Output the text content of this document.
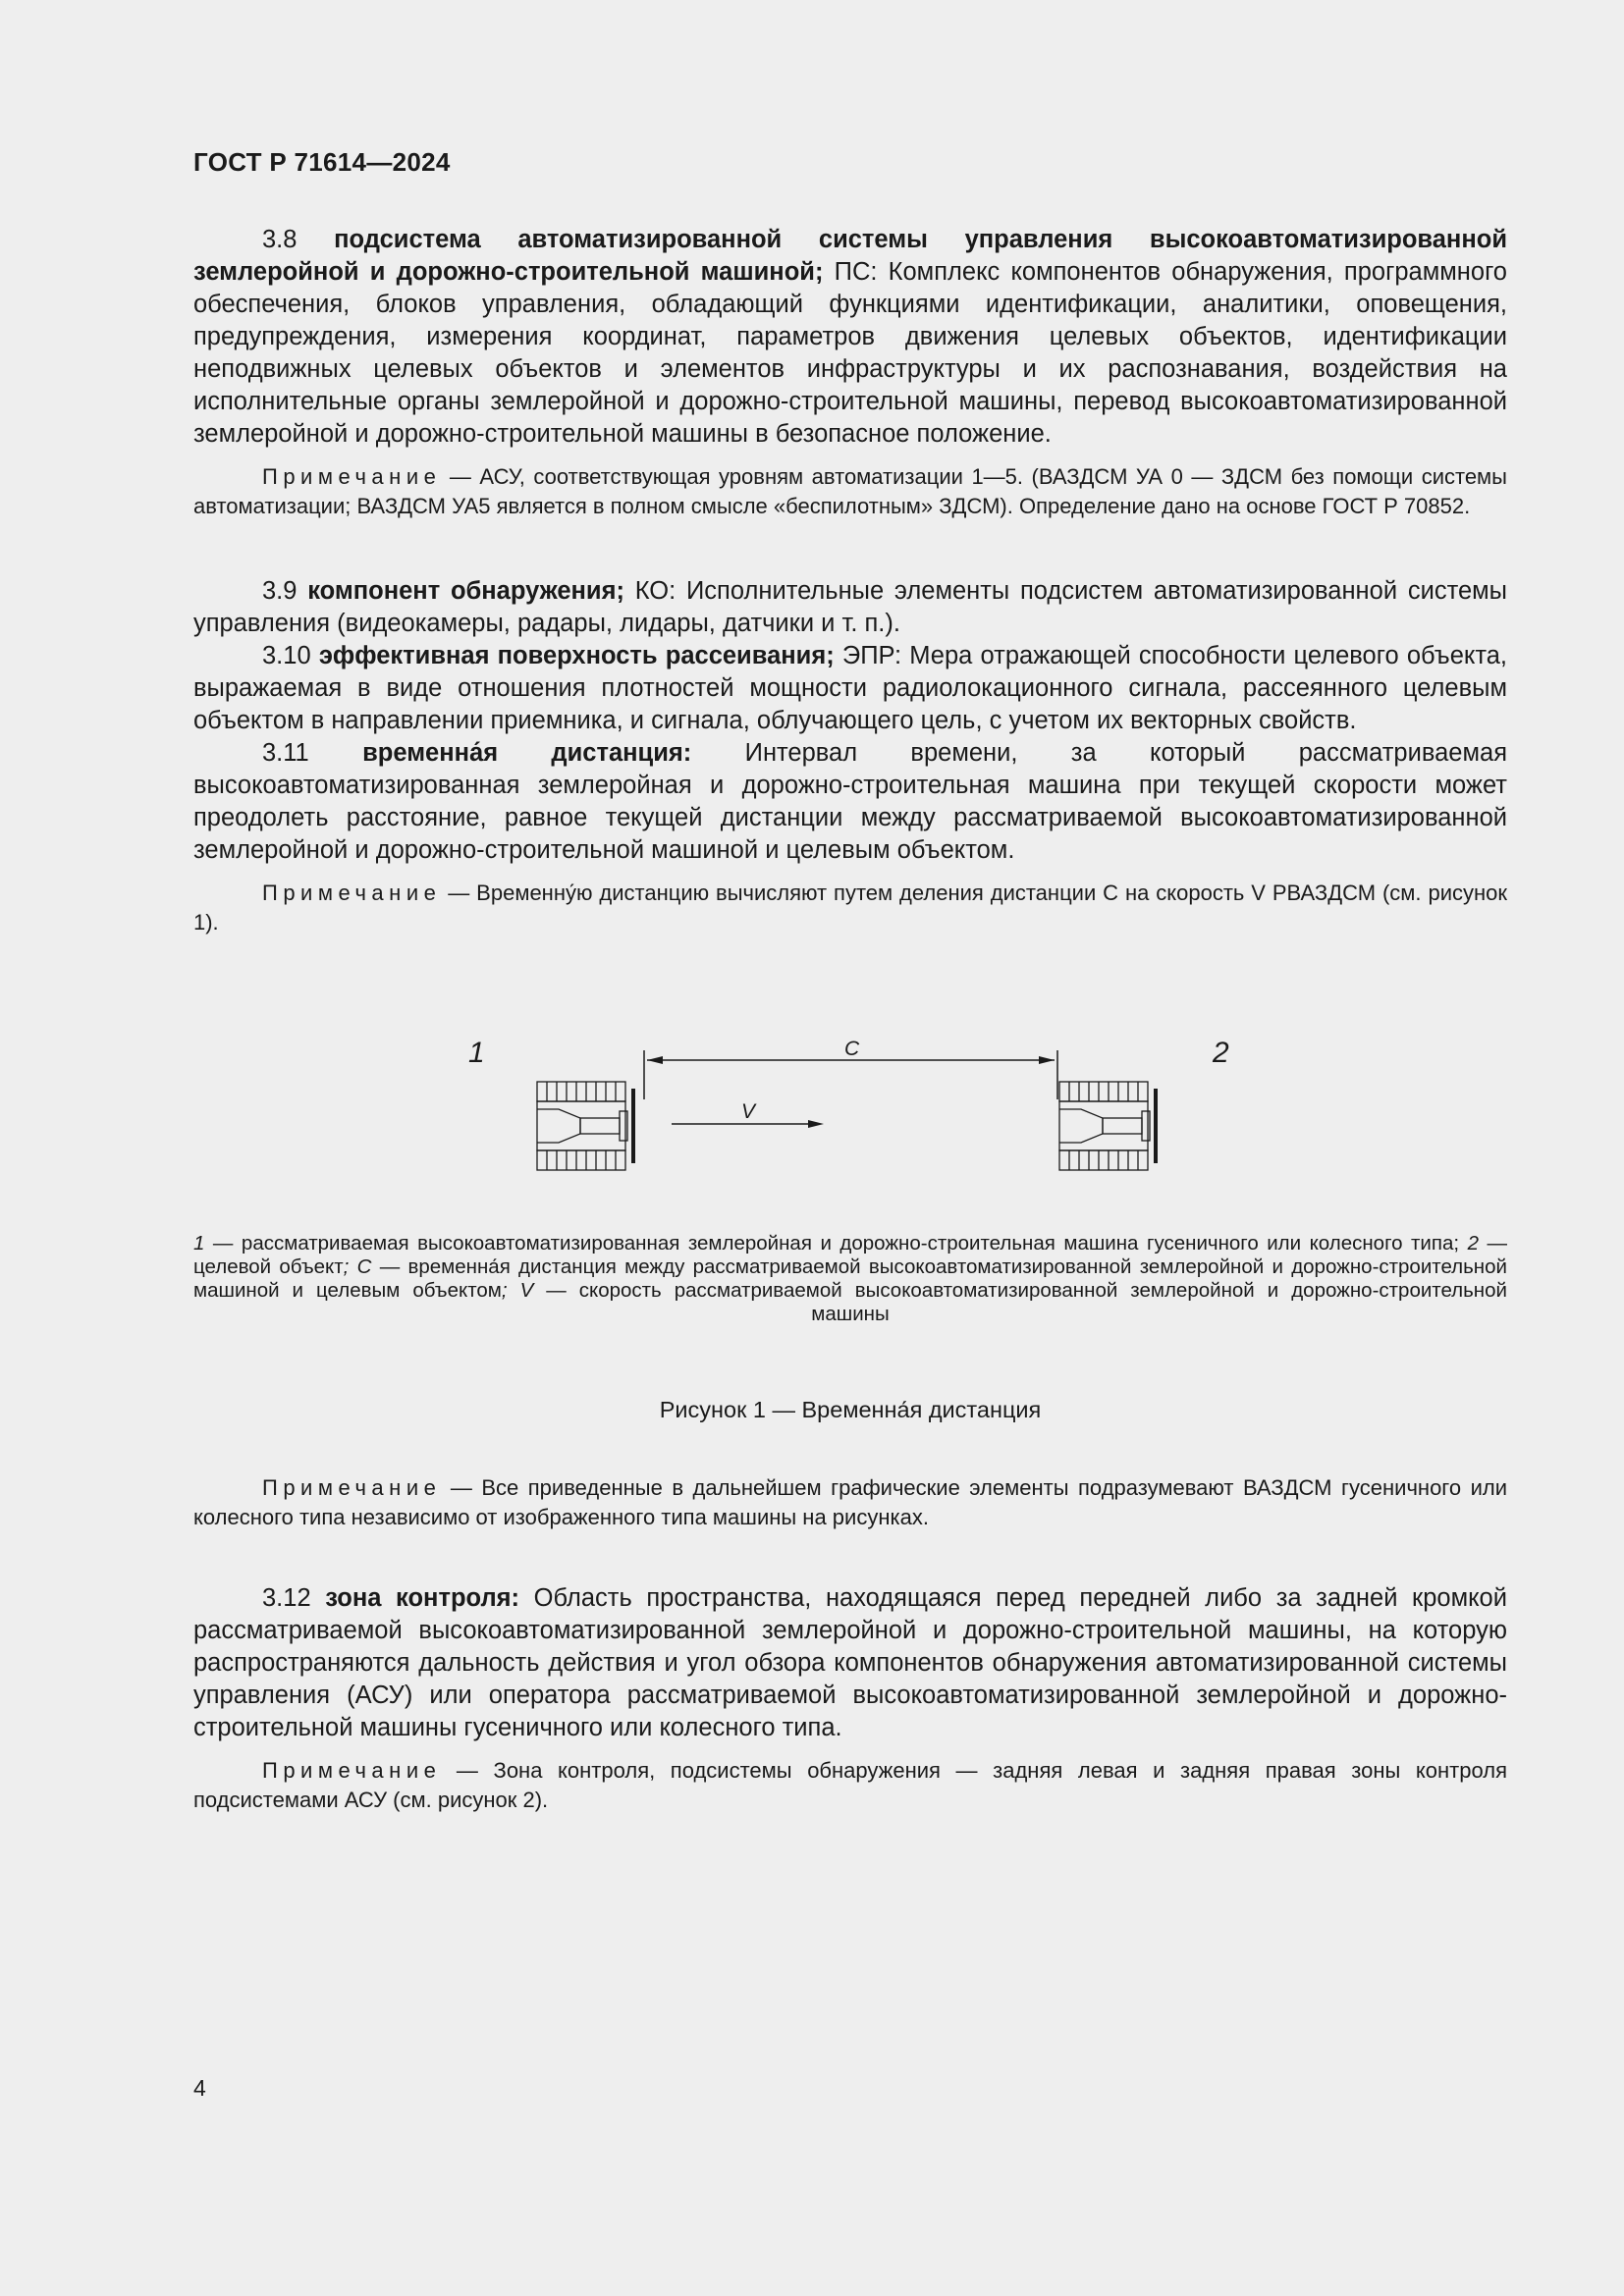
ГОСТ Р 71614—2024

3.8 подсистема автоматизированной системы управления высокоавтоматизированной землеройной и дорожно-строительной машиной; ПС: Комплекс компонентов обнаружения, программного обеспечения, блоков управления, обладающий функциями идентификации, аналитики, оповещения, предупреждения, измерения координат, параметров движения целевых объектов, идентификации неподвижных целевых объектов и элементов инфраструктуры и их распознавания, воздействия на исполнительные органы землеройной и дорожно-строительной машины, перевод высокоавтоматизированной землеройной и дорожно-строительной машины в безопасное положение.

Примечание — АСУ, соответствующая уровням автоматизации 1—5. (ВАЗДСМ УА 0 — ЗДСМ без помощи системы автоматизации; ВАЗДСМ УА5 является в полном смысле «беспилотным» ЗДСМ). Определение дано на основе ГОСТ Р 70852.

3.9 компонент обнаружения; КО: Исполнительные элементы подсистем автоматизированной системы управления (видеокамеры, радары, лидары, датчики и т. п.).

3.10 эффективная поверхность рассеивания; ЭПР: Мера отражающей способности целевого объекта, выражаемая в виде отношения плотностей мощности радиолокационного сигнала, рассеянного целевым объектом в направлении приемника, и сигнала, облучающего цель, с учетом их векторных свойств.

3.11 временна́я дистанция: Интервал времени, за который рассматриваемая высокоавтоматизированная землеройная и дорожно-строительная машина при текущей скорости может преодолеть расстояние, равное текущей дистанции между рассматриваемой высокоавтоматизированной землеройной и дорожно-строительной машиной и целевым объектом.

Примечание — Временну́ю дистанцию вычисляют путем деления дистанции C на скорость V РВАЗДСМ (см. рисунок 1).

1	2
C
V
1 — рассматриваемая высокоавтоматизированная землеройная и дорожно-строительная машина гусеничного или колесного типа; 2 — целевой объект; C — временна́я дистанция между рассматриваемой высокоавтоматизированной землеройной и дорожно-строительной машиной и целевым объектом; V — скорость рассматриваемой высокоавтоматизированной землеройной и дорожно-строительной машины
Рисунок 1 — Временна́я дистанция

Примечание — Все приведенные в дальнейшем графические элементы подразумевают ВАЗДСМ гусеничного или колесного типа независимо от изображенного типа машины на рисунках.

3.12 зона контроля: Область пространства, находящаяся перед передней либо за задней кромкой рассматриваемой высокоавтоматизированной землеройной и дорожно-строительной машины, на которую распространяются дальность действия и угол обзора компонентов обнаружения автоматизированной системы управления (АСУ) или оператора рассматриваемой высокоавтоматизированной землеройной и дорожно-строительной машины гусеничного или колесного типа.

Примечание — Зона контроля, подсистемы обнаружения — задняя левая и задняя правая зоны контроля подсистемами АСУ (см. рисунок 2).

4
